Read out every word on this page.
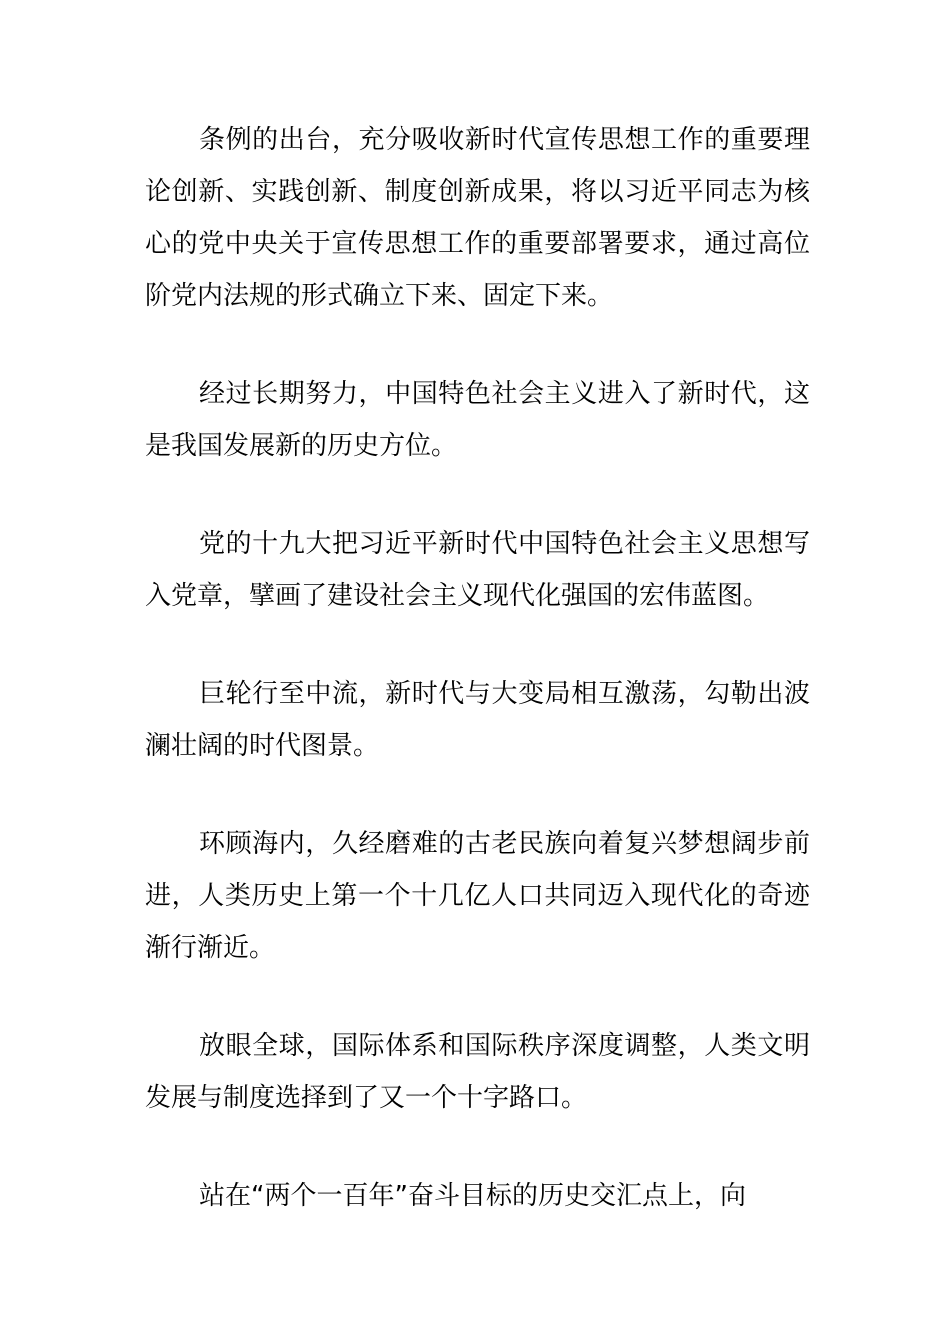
条例的出台，充分吸收新时代宣传思想工作的重要理论创新、实践创新、制度创新成果，将以习近平同志为核心的党中央关于宣传思想工作的重要部署要求，通过高位阶党内法规的形式确立下来、固定下来。

经过长期努力，中国特色社会主义进入了新时代，这是我国发展新的历史方位。

党的十九大把习近平新时代中国特色社会主义思想写入党章，擘画了建设社会主义现代化强国的宏伟蓝图。

巨轮行至中流，新时代与大变局相互激荡，勾勒出波澜壮阔的时代图景。

环顾海内，久经磨难的古老民族向着复兴梦想阔步前进，人类历史上第一个十几亿人口共同迈入现代化的奇迹渐行渐近。

放眼全球，国际体系和国际秩序深度调整，人类文明发展与制度选择到了又一个十字路口。

站在“两个一百年”奋斗目标的历史交汇点上，向
